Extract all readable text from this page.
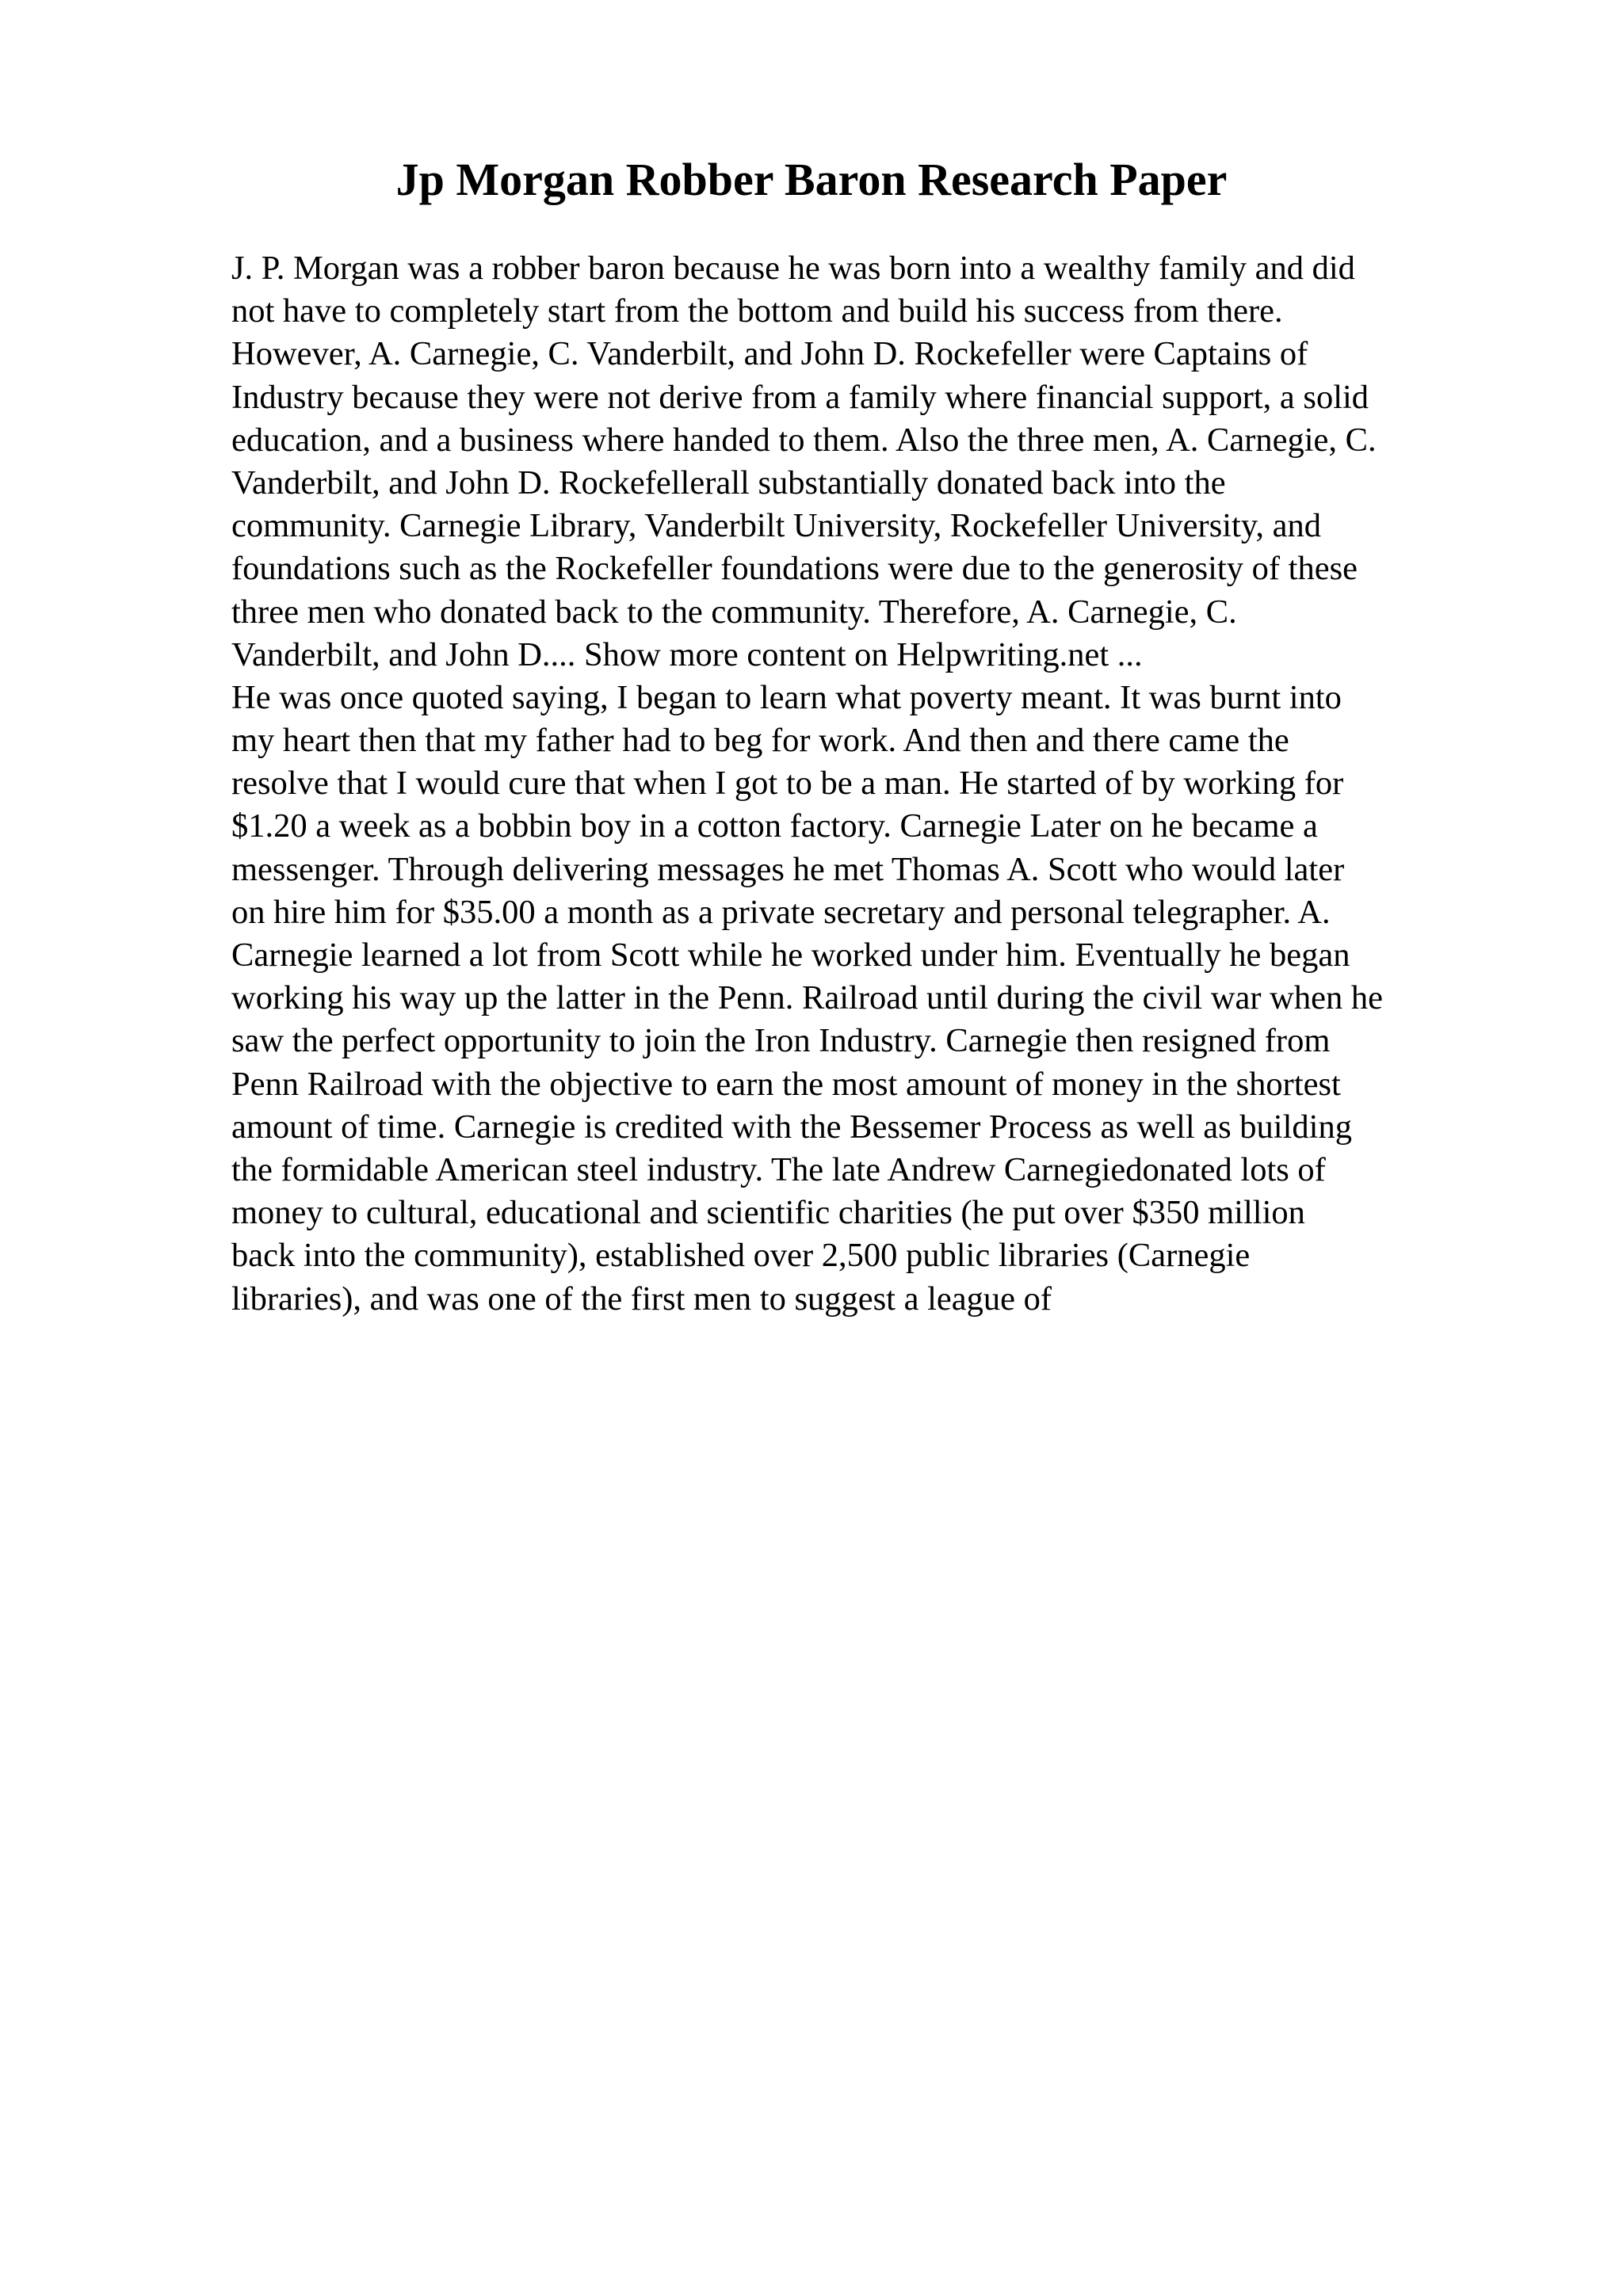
Jp Morgan Robber Baron Research Paper
J. P. Morgan was a robber baron because he was born into a wealthy family and did
not have to completely start from the bottom and build his success from there.
However, A. Carnegie, C. Vanderbilt, and John D. Rockefeller were Captains of
Industry because they were not derive from a family where financial support, a solid
education, and a business where handed to them. Also the three men, A. Carnegie, C.
Vanderbilt, and John D. Rockefellerall substantially donated back into the
community. Carnegie Library, Vanderbilt University, Rockefeller University, and
foundations such as the Rockefeller foundations were due to the generosity of these
three men who donated back to the community. Therefore, A. Carnegie, C.
Vanderbilt, and John D.... Show more content on Helpwriting.net ...
He was once quoted saying, I began to learn what poverty meant. It was burnt into
my heart then that my father had to beg for work. And then and there came the
resolve that I would cure that when I got to be a man. He started of by working for
$1.20 a week as a bobbin boy in a cotton factory. Carnegie Later on he became a
messenger. Through delivering messages he met Thomas A. Scott who would later
on hire him for $35.00 a month as a private secretary and personal telegrapher. A.
Carnegie learned a lot from Scott while he worked under him. Eventually he began
working his way up the latter in the Penn. Railroad until during the civil war when he
saw the perfect opportunity to join the Iron Industry. Carnegie then resigned from
Penn Railroad with the objective to earn the most amount of money in the shortest
amount of time. Carnegie is credited with the Bessemer Process as well as building
the formidable American steel industry. The late Andrew Carnegiedonated lots of
money to cultural, educational and scientific charities (he put over $350 million
back into the community), established over 2,500 public libraries (Carnegie
libraries), and was one of the first men to suggest a league of
